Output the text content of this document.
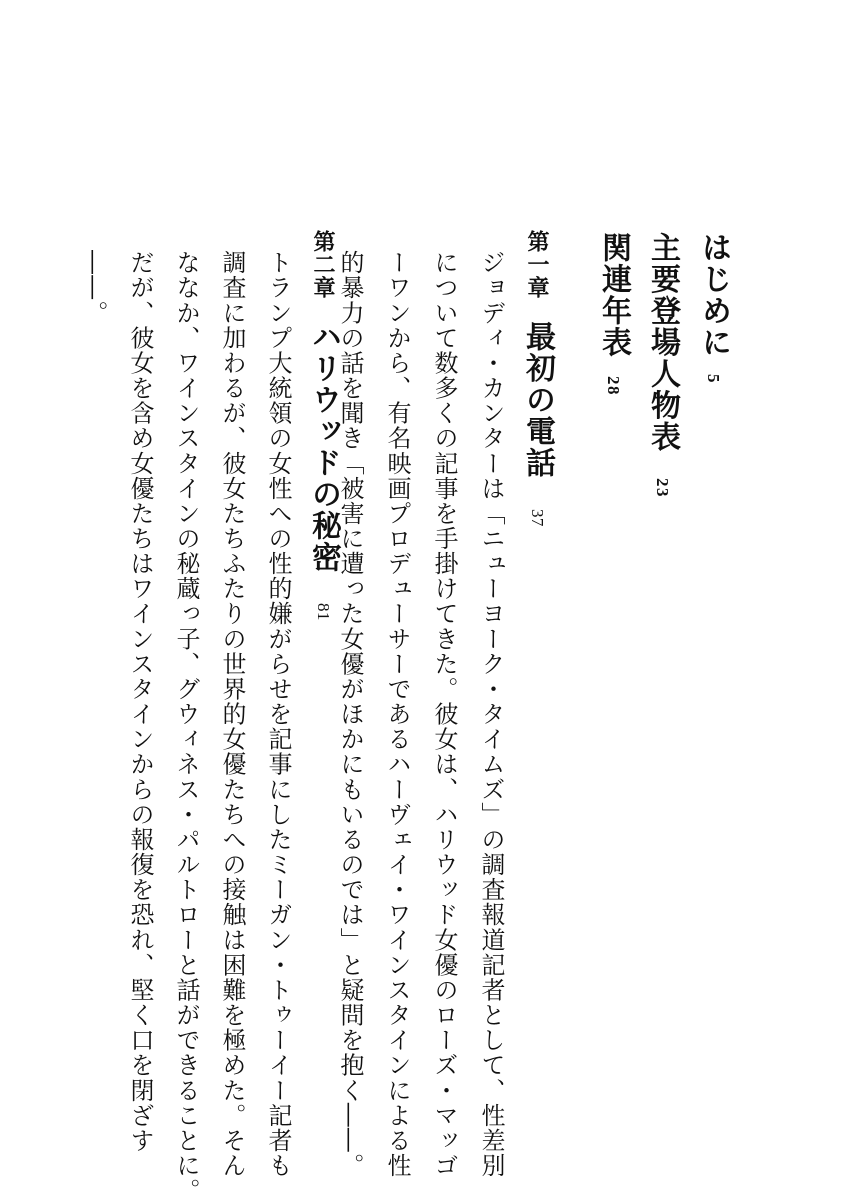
はじめに5
主要登場人物表23
関連年表28
第一章最初の電話37
ジョディ・カンターは「ニューヨーク・タイムズ」の調査報道記者として、性差別
について数多くの記事を手掛けてきた。彼女は、ハリウッド女優のローズ・マッゴ
ーワンから、有名映画プロデューサーであるハーヴェイ・ワインスタインによる性
的暴力の話を聞き「被害に遭った女優がほかにもいるのでは」と疑問を抱く――。
第二章ハリウッドの秘密81
トランプ大統領の女性への性的嫌がらせを記事にしたミーガン・トゥーイー記者も
調査に加わるが、彼女たちふたりの世界的女優たちへの接触は困難を極めた。そん
ななか、ワインスタインの秘蔵っ子、グウィネス・パルトローと話ができることに。
だが、彼女を含め女優たちはワインスタインからの報復を恐れ、堅く口を閉ざす
――。
